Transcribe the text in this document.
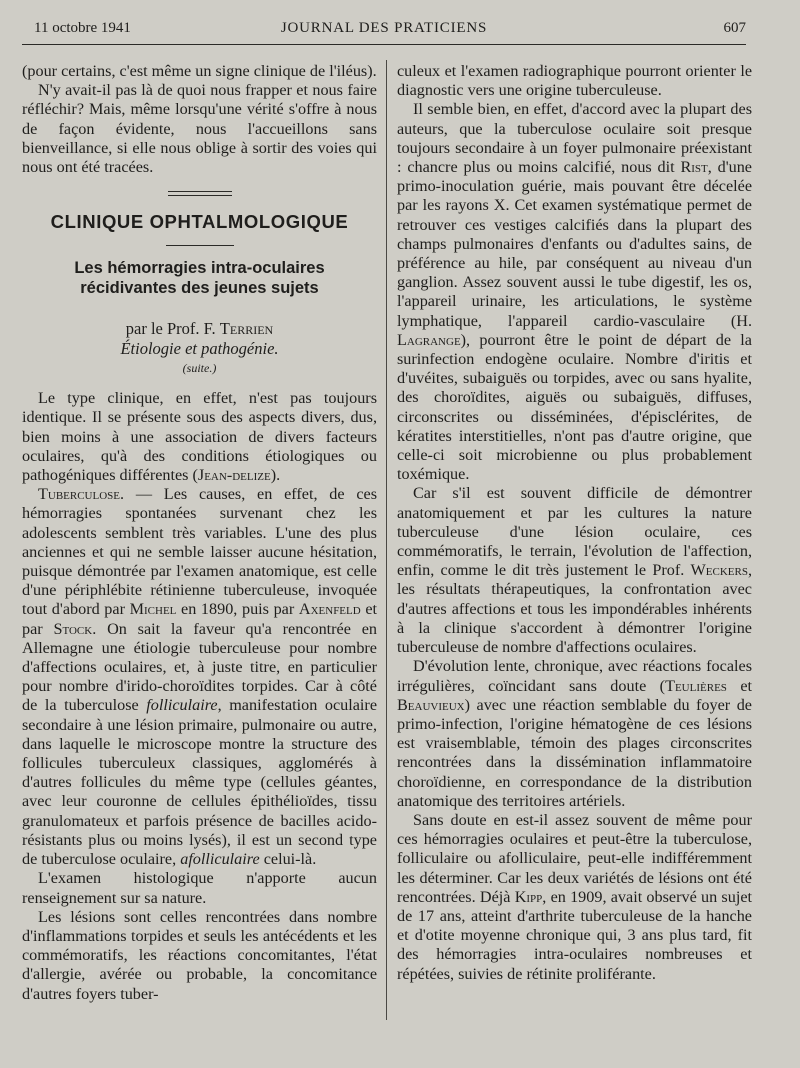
11 octobre 1941	JOURNAL DES PRATICIENS	607

(pour certains, c'est même un signe clinique de l'iléus).

N'y avait-il pas là de quoi nous frapper et nous faire réfléchir? Mais, même lorsqu'une vérité s'offre à nous de façon évidente, nous l'accueillons sans bienveillance, si elle nous oblige à sortir des voies qui nous ont été tracées.

CLINIQUE OPHTALMOLOGIQUE
Les hémorragies intra-oculaires
récidivantes des jeunes sujets
par le Prof. F. Terrien
Étiologie et pathogénie.
(suite.)

Le type clinique, en effet, n'est pas toujours identique. Il se présente sous des aspects divers, dus, bien moins à une association de divers facteurs oculaires, qu'à des conditions étiologiques ou pathogéniques différentes (Jean-delize).

Tuberculose. — Les causes, en effet, de ces hémorragies spontanées survenant chez les adolescents semblent très variables. L'une des plus anciennes et qui ne semble laisser aucune hésitation, puisque démontrée par l'examen anatomique, est celle d'une périphlébite rétinienne tuberculeuse, invoquée tout d'abord par Michel en 1890, puis par Axenfeld et par Stock. On sait la faveur qu'a rencontrée en Allemagne une étiologie tuberculeuse pour nombre d'affections oculaires, et, à juste titre, en particulier pour nombre d'irido-choroïdites torpides. Car à côté de la tuberculose folliculaire, manifestation oculaire secondaire à une lésion primaire, pulmonaire ou autre, dans laquelle le microscope montre la structure des follicules tuberculeux classiques, agglomérés à d'autres follicules du même type (cellules géantes, avec leur couronne de cellules épithélioïdes, tissu granulomateux et parfois présence de bacilles acido-résistants plus ou moins lysés), il est un second type de tuberculose oculaire, afolliculaire celui-là.

L'examen histologique n'apporte aucun renseignement sur sa nature.

Les lésions sont celles rencontrées dans nombre d'inflammations torpides et seuls les antécédents et les commémoratifs, les réactions concomitantes, l'état d'allergie, avérée ou probable, la concomitance d'autres foyers tuber-

culeux et l'examen radiographique pourront orienter le diagnostic vers une origine tuberculeuse.

Il semble bien, en effet, d'accord avec la plupart des auteurs, que la tuberculose oculaire soit presque toujours secondaire à un foyer pulmonaire préexistant : chancre plus ou moins calcifié, nous dit Rist, d'une primo-inoculation guérie, mais pouvant être décelée par les rayons X. Cet examen systématique permet de retrouver ces vestiges calcifiés dans la plupart des champs pulmonaires d'enfants ou d'adultes sains, de préférence au hile, par conséquent au niveau d'un ganglion. Assez souvent aussi le tube digestif, les os, l'appareil urinaire, les articulations, le système lymphatique, l'appareil cardio-vasculaire (H. Lagrange), pourront être le point de départ de la surinfection endogène oculaire. Nombre d'iritis et d'uvéites, subaiguës ou torpides, avec ou sans hyalite, des choroïdites, aiguës ou subaiguës, diffuses, circonscrites ou disséminées, d'épisclérites, de kératites interstitielles, n'ont pas d'autre origine, que celle-ci soit microbienne ou plus probablement toxémique.

Car s'il est souvent difficile de démontrer anatomiquement et par les cultures la nature tuberculeuse d'une lésion oculaire, ces commémoratifs, le terrain, l'évolution de l'affection, enfin, comme le dit très justement le Prof. Weckers, les résultats thérapeutiques, la confrontation avec d'autres affections et tous les impondérables inhérents à la clinique s'accordent à démontrer l'origine tuberculeuse de nombre d'affections oculaires.

D'évolution lente, chronique, avec réactions focales irrégulières, coïncidant sans doute (Teulières et Beauvieux) avec une réaction semblable du foyer de primo-infection, l'origine hématogène de ces lésions est vraisemblable, témoin des plages circonscrites rencontrées dans la dissémination inflammatoire choroïdienne, en correspondance de la distribution anatomique des territoires artériels.

Sans doute en est-il assez souvent de même pour ces hémorragies oculaires et peut-être la tuberculose, folliculaire ou afolliculaire, peut-elle indifféremment les déterminer. Car les deux variétés de lésions ont été rencontrées. Déjà Kipp, en 1909, avait observé un sujet de 17 ans, atteint d'arthrite tuberculeuse de la hanche et d'otite moyenne chronique qui, 3 ans plus tard, fit des hémorragies intra-oculaires nombreuses et répétées, suivies de rétinite proliférante.
